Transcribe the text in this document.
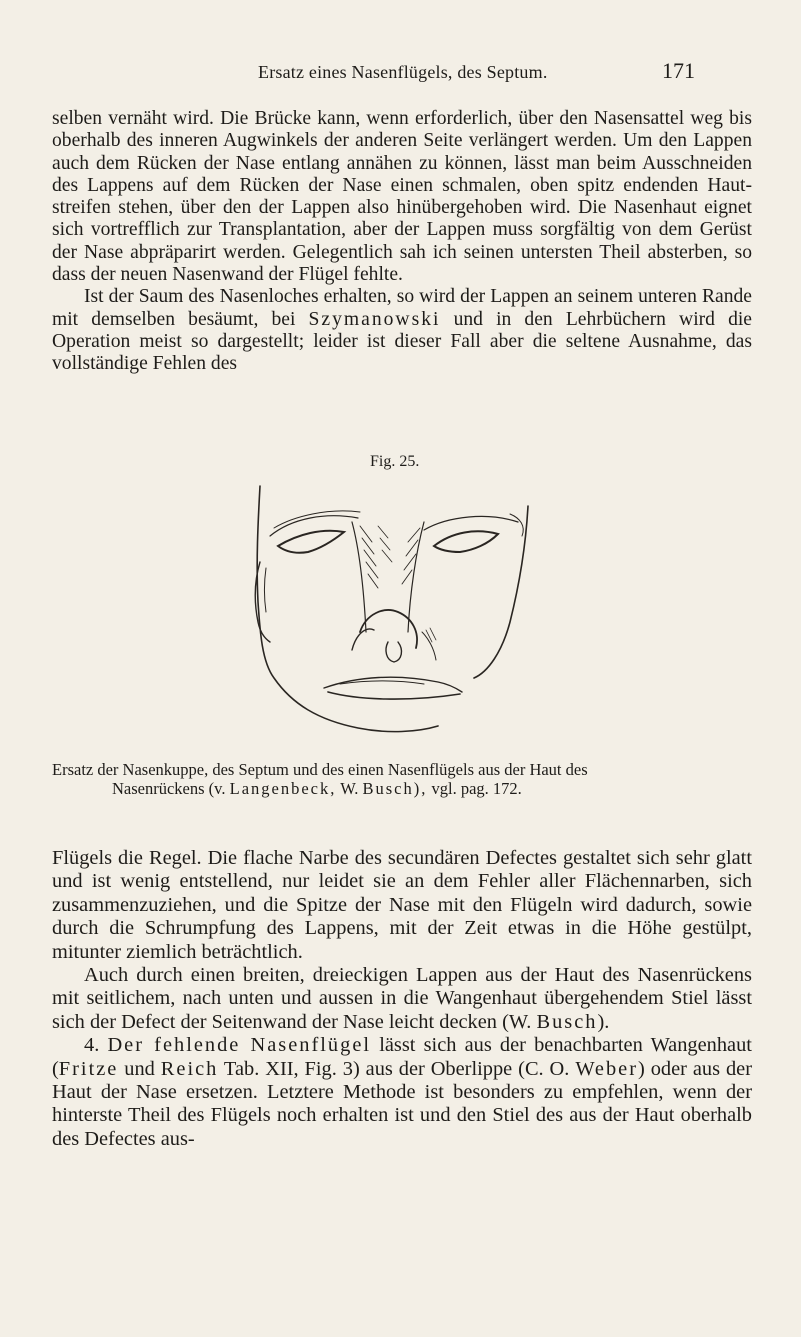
Ersatz eines Nasenflügels, des Septum.	171

selben vernäht wird. Die Brücke kann, wenn erforderlich, über den Nasensattel weg bis oberhalb des inneren Augwinkels der anderen Seite verlängert werden. Um den Lappen auch dem Rücken der Nase entlang annähen zu können, lässt man beim Ausschneiden des Lappens auf dem Rücken der Nase einen schmalen, oben spitz endenden Haut-streifen stehen, über den der Lappen also hinübergehoben wird. Die Nasenhaut eignet sich vortrefflich zur Transplantation, aber der Lappen muss sorgfältig von dem Gerüst der Nase abpräparirt werden. Gelegentlich sah ich seinen untersten Theil absterben, so dass der neuen Nasenwand der Flügel fehlte.

Ist der Saum des Nasenloches erhalten, so wird der Lappen an seinem unteren Rande mit demselben besäumt, bei Szymanowski und in den Lehrbüchern wird die Operation meist so dargestellt; leider ist dieser Fall aber die seltene Ausnahme, das vollständige Fehlen des

Fig. 25.
Ersatz der Nasenkuppe, des Septum und des einen Nasenflügels aus der Haut des
Nasenrückens (v. Langenbeck, W. Busch), vgl. pag. 172.

Flügels die Regel. Die flache Narbe des secundären Defectes gestaltet sich sehr glatt und ist wenig entstellend, nur leidet sie an dem Fehler aller Flächennarben, sich zusammenzuziehen, und die Spitze der Nase mit den Flügeln wird dadurch, sowie durch die Schrumpfung des Lappens, mit der Zeit etwas in die Höhe gestülpt, mitunter ziemlich beträchtlich.

Auch durch einen breiten, dreieckigen Lappen aus der Haut des Nasenrückens mit seitlichem, nach unten und aussen in die Wangenhaut übergehendem Stiel lässt sich der Defect der Seitenwand der Nase leicht decken (W. Busch).

4. Der fehlende Nasenflügel lässt sich aus der benachbarten Wangenhaut (Fritze und Reich Tab. XII, Fig. 3) aus der Oberlippe (C. O. Weber) oder aus der Haut der Nase ersetzen. Letztere Methode ist besonders zu empfehlen, wenn der hinterste Theil des Flügels noch erhalten ist und den Stiel des aus der Haut oberhalb des Defectes aus-
